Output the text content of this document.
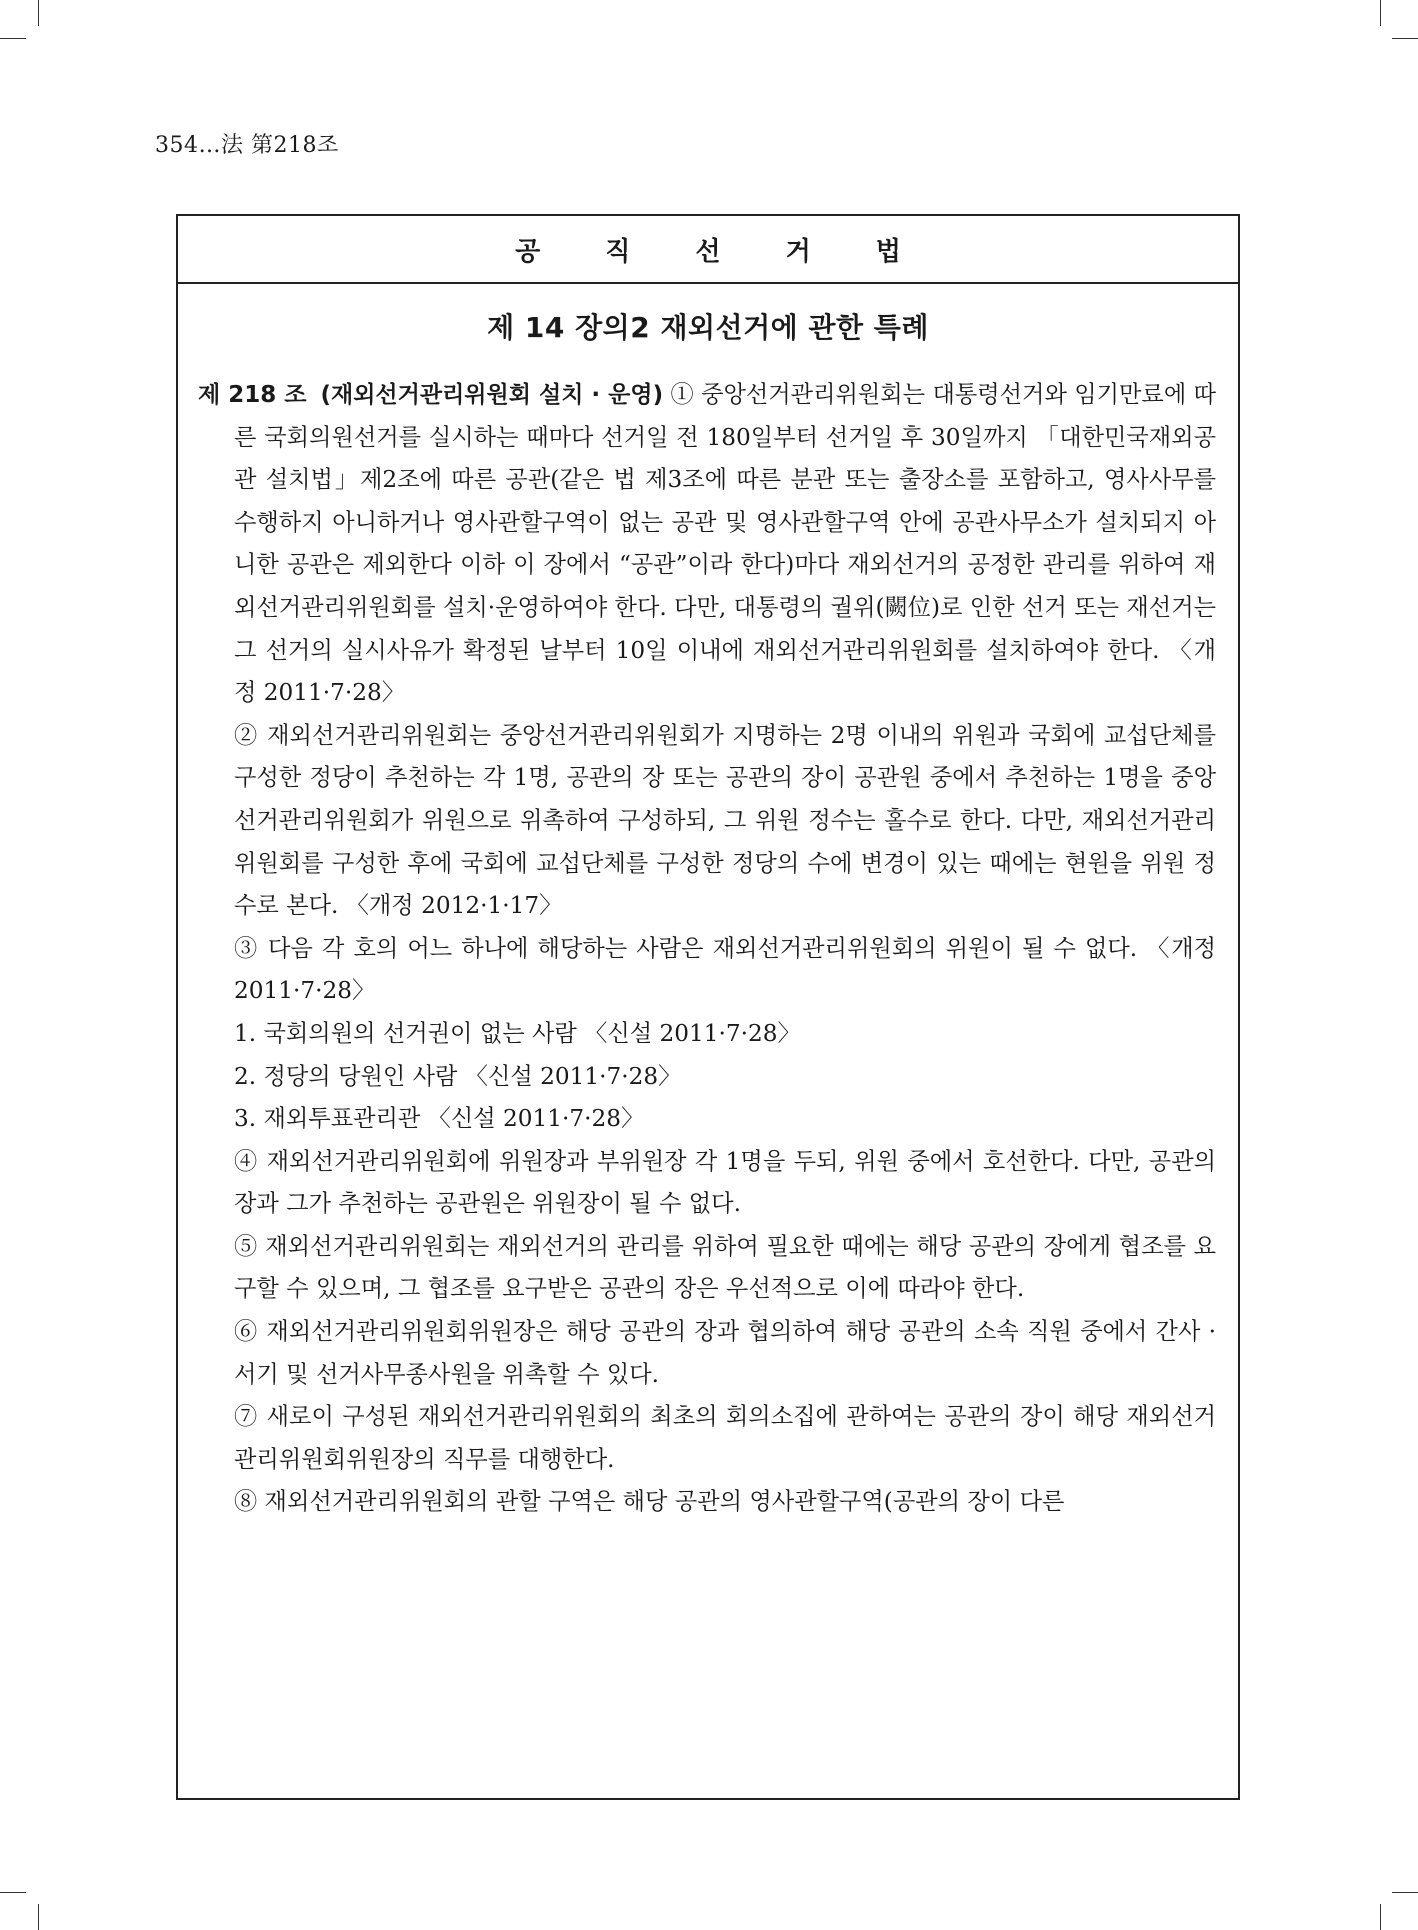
354…法 第218조
공 직 선 거 법
제 14 장의2 재외선거에 관한 특례

제 218 조 (재외선거관리위원회 설치 · 운영) ① 중앙선거관리위원회는 대통령선거와 임기만료에 따른 국회의원선거를 실시하는 때마다 선거일 전 180일부터 선거일 후 30일까지 「대한민국재외공관 설치법」제2조에 따른 공관(같은 법 제3조에 따른 분관 또는 출장소를 포함하고, 영사사무를 수행하지 아니하거나 영사관할구역이 없는 공관 및 영사관할구역 안에 공관사무소가 설치되지 아니한 공관은 제외한다 이하 이 장에서 “공관”이라 한다)마다 재외선거의 공정한 관리를 위하여 재외선거관리위원회를 설치·운영하여야 한다. 다만, 대통령의 궐위(闕位)로 인한 선거 또는 재선거는 그 선거의 실시사유가 확정된 날부터 10일 이내에 재외선거관리위원회를 설치하여야 한다. 〈개정 2011·7·28〉

② 재외선거관리위원회는 중앙선거관리위원회가 지명하는 2명 이내의 위원과 국회에 교섭단체를 구성한 정당이 추천하는 각 1명, 공관의 장 또는 공관의 장이 공관원 중에서 추천하는 1명을 중앙선거관리위원회가 위원으로 위촉하여 구성하되, 그 위원 정수는 홀수로 한다. 다만, 재외선거관리위원회를 구성한 후에 국회에 교섭단체를 구성한 정당의 수에 변경이 있는 때에는 현원을 위원 정수로 본다. 〈개정 2012·1·17〉

③ 다음 각 호의 어느 하나에 해당하는 사람은 재외선거관리위원회의 위원이 될 수 없다. 〈개정 2011·7·28〉

1. 국회의원의 선거권이 없는 사람 〈신설 2011·7·28〉

2. 정당의 당원인 사람 〈신설 2011·7·28〉

3. 재외투표관리관 〈신설 2011·7·28〉

④ 재외선거관리위원회에 위원장과 부위원장 각 1명을 두되, 위원 중에서 호선한다. 다만, 공관의 장과 그가 추천하는 공관원은 위원장이 될 수 없다.

⑤ 재외선거관리위원회는 재외선거의 관리를 위하여 필요한 때에는 해당 공관의 장에게 협조를 요구할 수 있으며, 그 협조를 요구받은 공관의 장은 우선적으로 이에 따라야 한다.

⑥ 재외선거관리위원회위원장은 해당 공관의 장과 협의하여 해당 공관의 소속 직원 중에서 간사 · 서기 및 선거사무종사원을 위촉할 수 있다.

⑦ 새로이 구성된 재외선거관리위원회의 최초의 회의소집에 관하여는 공관의 장이 해당 재외선거관리위원회위원장의 직무를 대행한다.

⑧ 재외선거관리위원회의 관할 구역은 해당 공관의 영사관할구역(공관의 장이 다른
